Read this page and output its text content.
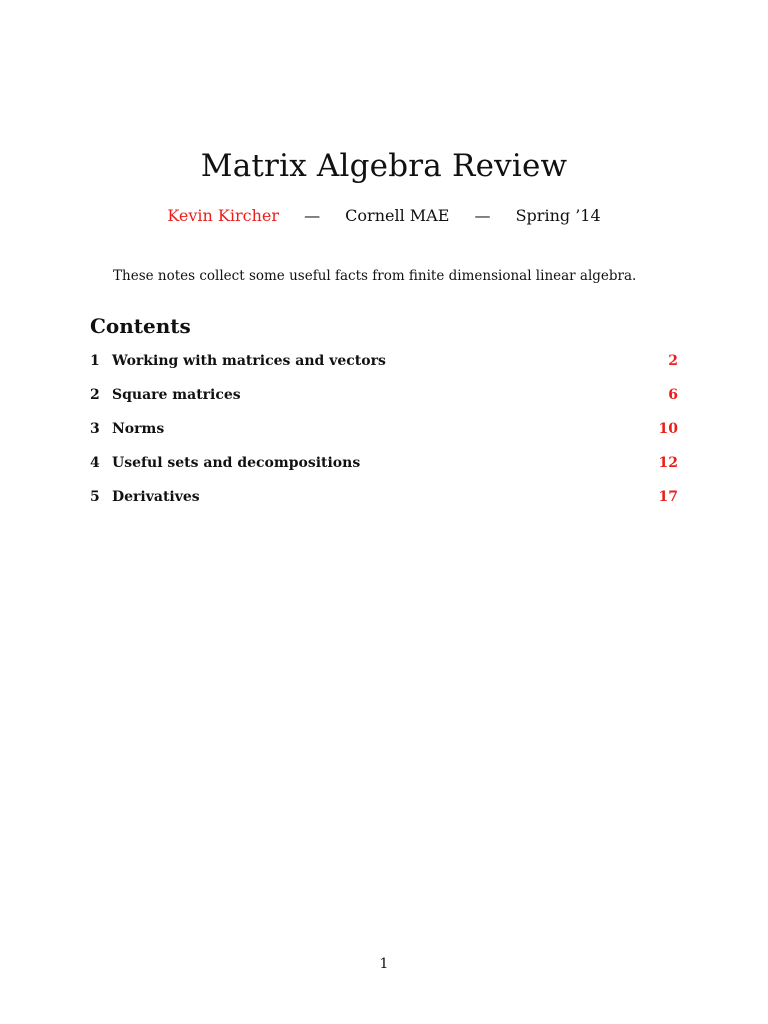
Matrix Algebra Review
Kevin Kircher — Cornell MAE — Spring ’14

These notes collect some useful facts from finite dimensional linear algebra.

Contents
1 Working with matrices and vectors	2
2 Square matrices	6
3 Norms	10
4 Useful sets and decompositions	12
5 Derivatives	17
1
